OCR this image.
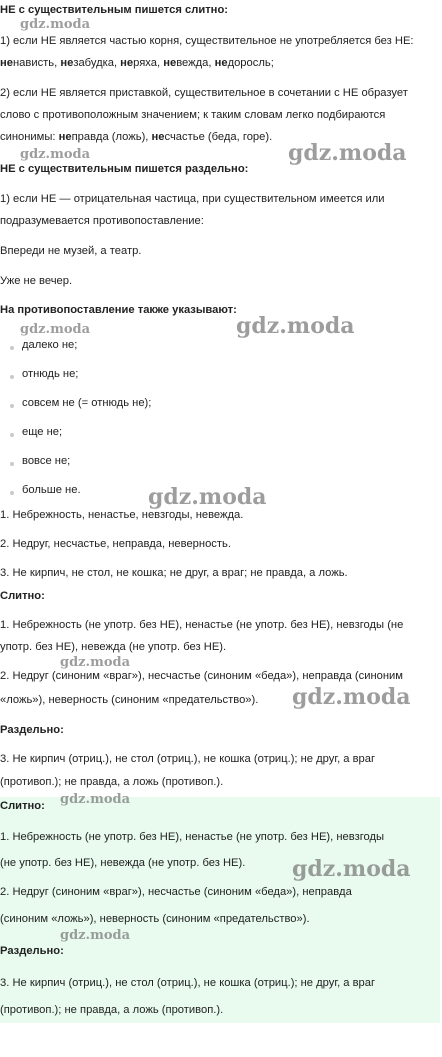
НЕ с существительным пишется слитно:
1) если НЕ является частью корня, существительное не употребляется без НЕ:
ненависть, незабудка, неряха, невежда, недоросль;
2) если НЕ является приставкой, существительное в сочетании с НЕ образует
слово с противоположным значением; к таким словам легко подбираются
синонимы: неправда (ложь), несчастье (беда, горе).
НЕ с существительным пишется раздельно:
1) если НЕ — отрицательная частица, при существительном имеется или
подразумевается противопоставление:
Впереди не музей, а театр.
Уже не вечер.
На противопоставление также указывают:
далеко не;
отнюдь не;
совсем не (= отнюдь не);
еще не;
вовсе не;
больше не.
1. Небрежность, ненастье, невзгоды, невежда.
2. Недруг, несчастье, неправда, неверность.
3. Не кирпич, не стол, не кошка; не друг, а враг; не правда, а ложь.
Слитно:
1. Небрежность (не употр. без НЕ), ненастье (не употр. без НЕ), невзгоды (не
употр. без НЕ), невежда (не употр. без НЕ).
2. Недруг (синоним «враг»), несчастье (синоним «беда»), неправда (синоним
«ложь»), неверность (синоним «предательство»).
Раздельно:
3. Не кирпич (отриц.), не стол (отриц.), не кошка (отриц.); не друг, а враг
(противоп.); не правда, а ложь (противоп.).
Слитно:
1. Небрежность (не употр. без НЕ), ненастье (не употр. без НЕ), невзгоды
(не употр. без НЕ), невежда (не употр. без НЕ).
2. Недруг (синоним «враг»), несчастье (синоним «беда»), неправда
(синоним «ложь»), неверность (синоним «предательство»).
Раздельно:
3. Не кирпич (отриц.), не стол (отриц.), не кошка (отриц.); не друг, а враг
(противоп.); не правда, а ложь (противоп.).
gdz.moda
gdz.moda
gdz.moda
gdz.moda
gdz.moda
gdz.moda
gdz.moda
gdz.moda
gdz.moda
gdz.moda
gdz.moda
